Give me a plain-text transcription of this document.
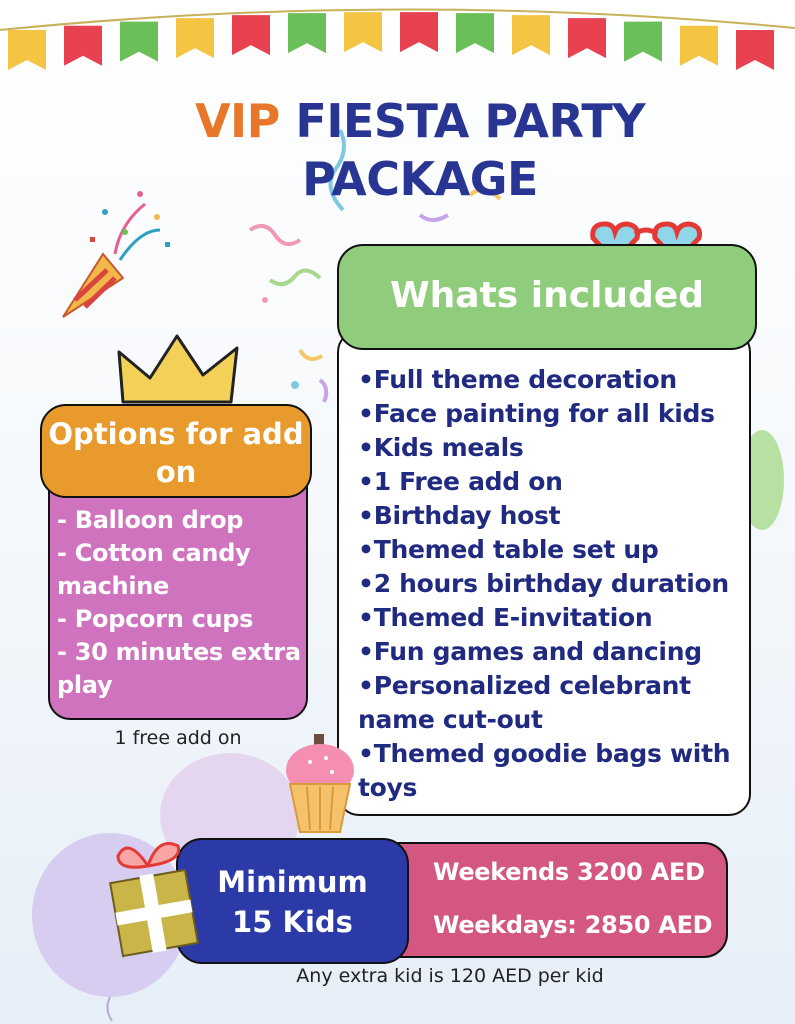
VIP FIESTA PARTY
PACKAGE
Whats included
• Full theme decoration
• Face painting for all kids
• Kids meals
• 1 Free add on
• Birthday host
• Themed table set up
• 2 hours birthday duration
• Themed E-invitation
• Fun games and dancing
• Personalized celebrant name cut-out
• Themed goodie bags with toys
Options for add on
- Balloon drop
- Cotton candy machine
- Popcorn cups
- 30 minutes extra play
1 free add on
Weekends 3200 AED
Weekdays: 2850 AED
Minimum
15 Kids
Any extra kid is 120 AED per kid
